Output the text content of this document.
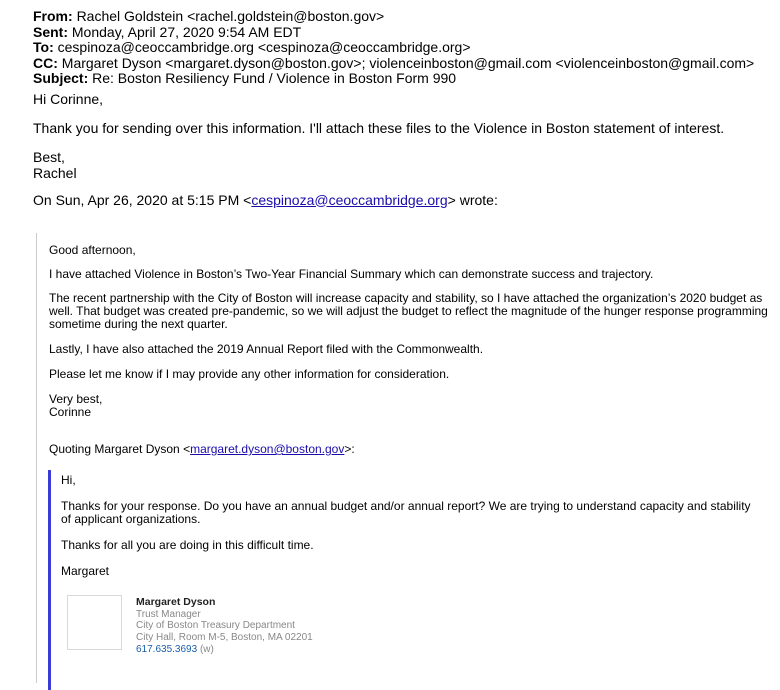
From: Rachel Goldstein <rachel.goldstein@boston.gov>
Sent: Monday, April 27, 2020 9:54 AM EDT
To: cespinoza@ceoccambridge.org <cespinoza@ceoccambridge.org>
CC: Margaret Dyson <margaret.dyson@boston.gov>; violenceinboston@gmail.com <violenceinboston@gmail.com>
Subject: Re: Boston Resiliency Fund / Violence in Boston Form 990

Hi Corinne,

Thank you for sending over this information. I'll attach these files to the Violence in Boston statement of interest.

Best,

Rachel

On Sun, Apr 26, 2020 at 5:15 PM <cespinoza@ceoccambridge.org> wrote:

Good afternoon,

I have attached Violence in Boston’s Two-Year Financial Summary which can demonstrate success and trajectory.

The recent partnership with the City of Boston will increase capacity and stability, so I have attached the organization’s 2020 budget as

well. That budget was created pre-pandemic, so we will adjust the budget to reflect the magnitude of the hunger response programming

sometime during the next quarter.

Lastly, I have also attached the 2019 Annual Report filed with the Commonwealth.

Please let me know if I may provide any other information for consideration.

Very best,

Corinne

Quoting Margaret Dyson <margaret.dyson@boston.gov>:

Hi,

Thanks for your response. Do you have an annual budget and/or annual report? We are trying to understand capacity and stability

of applicant organizations.

Thanks for all you are doing in this difficult time.

Margaret

Margaret Dyson
Trust Manager
City of Boston Treasury Department
City Hall, Room M-5, Boston, MA 02201
617.635.3693 (w)
